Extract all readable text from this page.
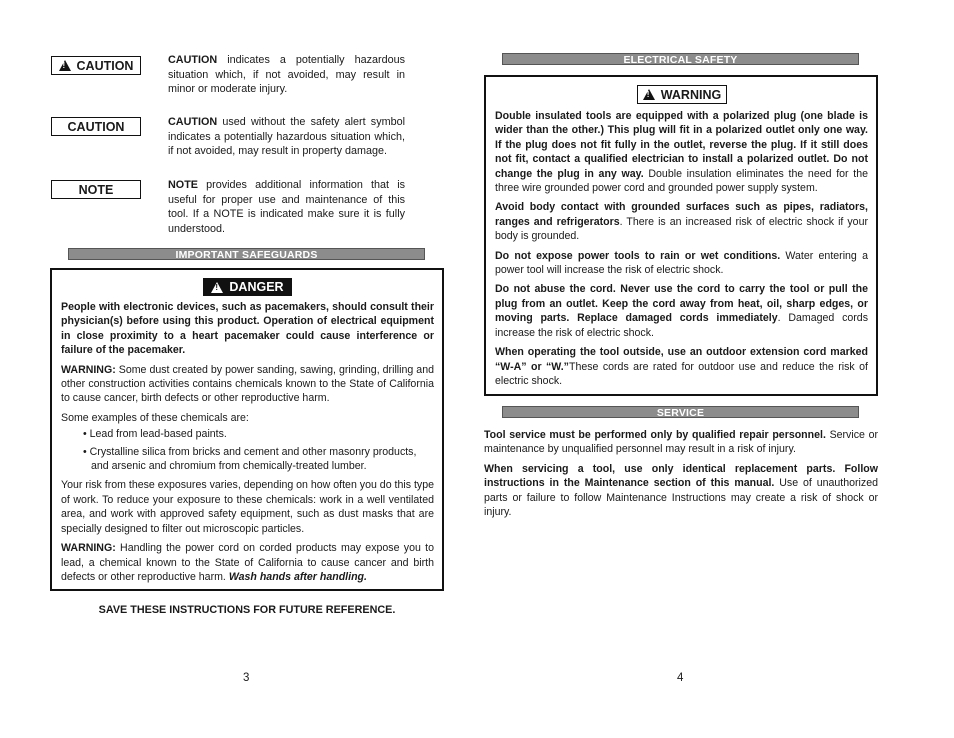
!
CAUTION	CAUTION indicates a potentially hazardous situation which, if not avoided, may result in minor or moderate injury.
CAUTION	CAUTION used without the safety alert symbol indicates a potentially hazardous situation which, if not avoided, may result in property damage.
NOTE	NOTE provides additional information that is useful for proper use and maintenance of this tool. If a NOTE is indicated make sure it is fully understood.
IMPORTANT SAFEGUARDS
!
DANGER

People with electronic devices, such as pacemakers, should consult their physician(s) before using this product. Operation of electrical equipment in close proximity to a heart pacemaker could cause interference or failure of the pacemaker.

WARNING: Some dust created by power sanding, sawing, grinding, drilling and other construction activities contains chemicals known to the State of California to cause cancer, birth defects or other reproductive harm.

Some examples of these chemicals are:

• Lead from lead-based paints.

• Crystalline silica from bricks and cement and other masonry products, and arsenic and chromium from chemically-treated lumber.

Your risk from these exposures varies, depending on how often you do this type of work. To reduce your exposure to these chemicals: work in a well ventilated area, and work with approved safety equipment, such as dust masks that are specially designed to filter out microscopic particles.

WARNING: Handling the power cord on corded products may expose you to lead, a chemical known to the State of California to cause cancer and birth defects or other reproductive harm. Wash hands after handling.

SAVE THESE INSTRUCTIONS FOR FUTURE REFERENCE.
3
ELECTRICAL SAFETY
!
WARNING

Double insulated tools are equipped with a polarized plug (one blade is wider than the other.) This plug will fit in a polarized outlet only one way. If the plug does not fit fully in the outlet, reverse the plug. If it still does not fit, contact a qualified electrician to install a polarized outlet. Do not change the plug in any way. Double insulation eliminates the need for the three wire grounded power cord and grounded power supply system.

Avoid body contact with grounded surfaces such as pipes, radiators, ranges and refrigerators. There is an increased risk of electric shock if your body is grounded.

Do not expose power tools to rain or wet conditions. Water entering a power tool will increase the risk of electric shock.

Do not abuse the cord. Never use the cord to carry the tool or pull the plug from an outlet. Keep the cord away from heat, oil, sharp edges, or moving parts. Replace damaged cords immediately. Damaged cords increase the risk of electric shock.

When operating the tool outside, use an outdoor extension cord marked “W-A” or “W.”These cords are rated for outdoor use and reduce the risk of electric shock.

SERVICE

Tool service must be performed only by qualified repair personnel. Service or maintenance by unqualified personnel may result in a risk of injury.

When servicing a tool, use only identical replacement parts. Follow instructions in the Maintenance section of this manual. Use of unauthorized parts or failure to follow Maintenance Instructions may create a risk of shock or injury.

4
